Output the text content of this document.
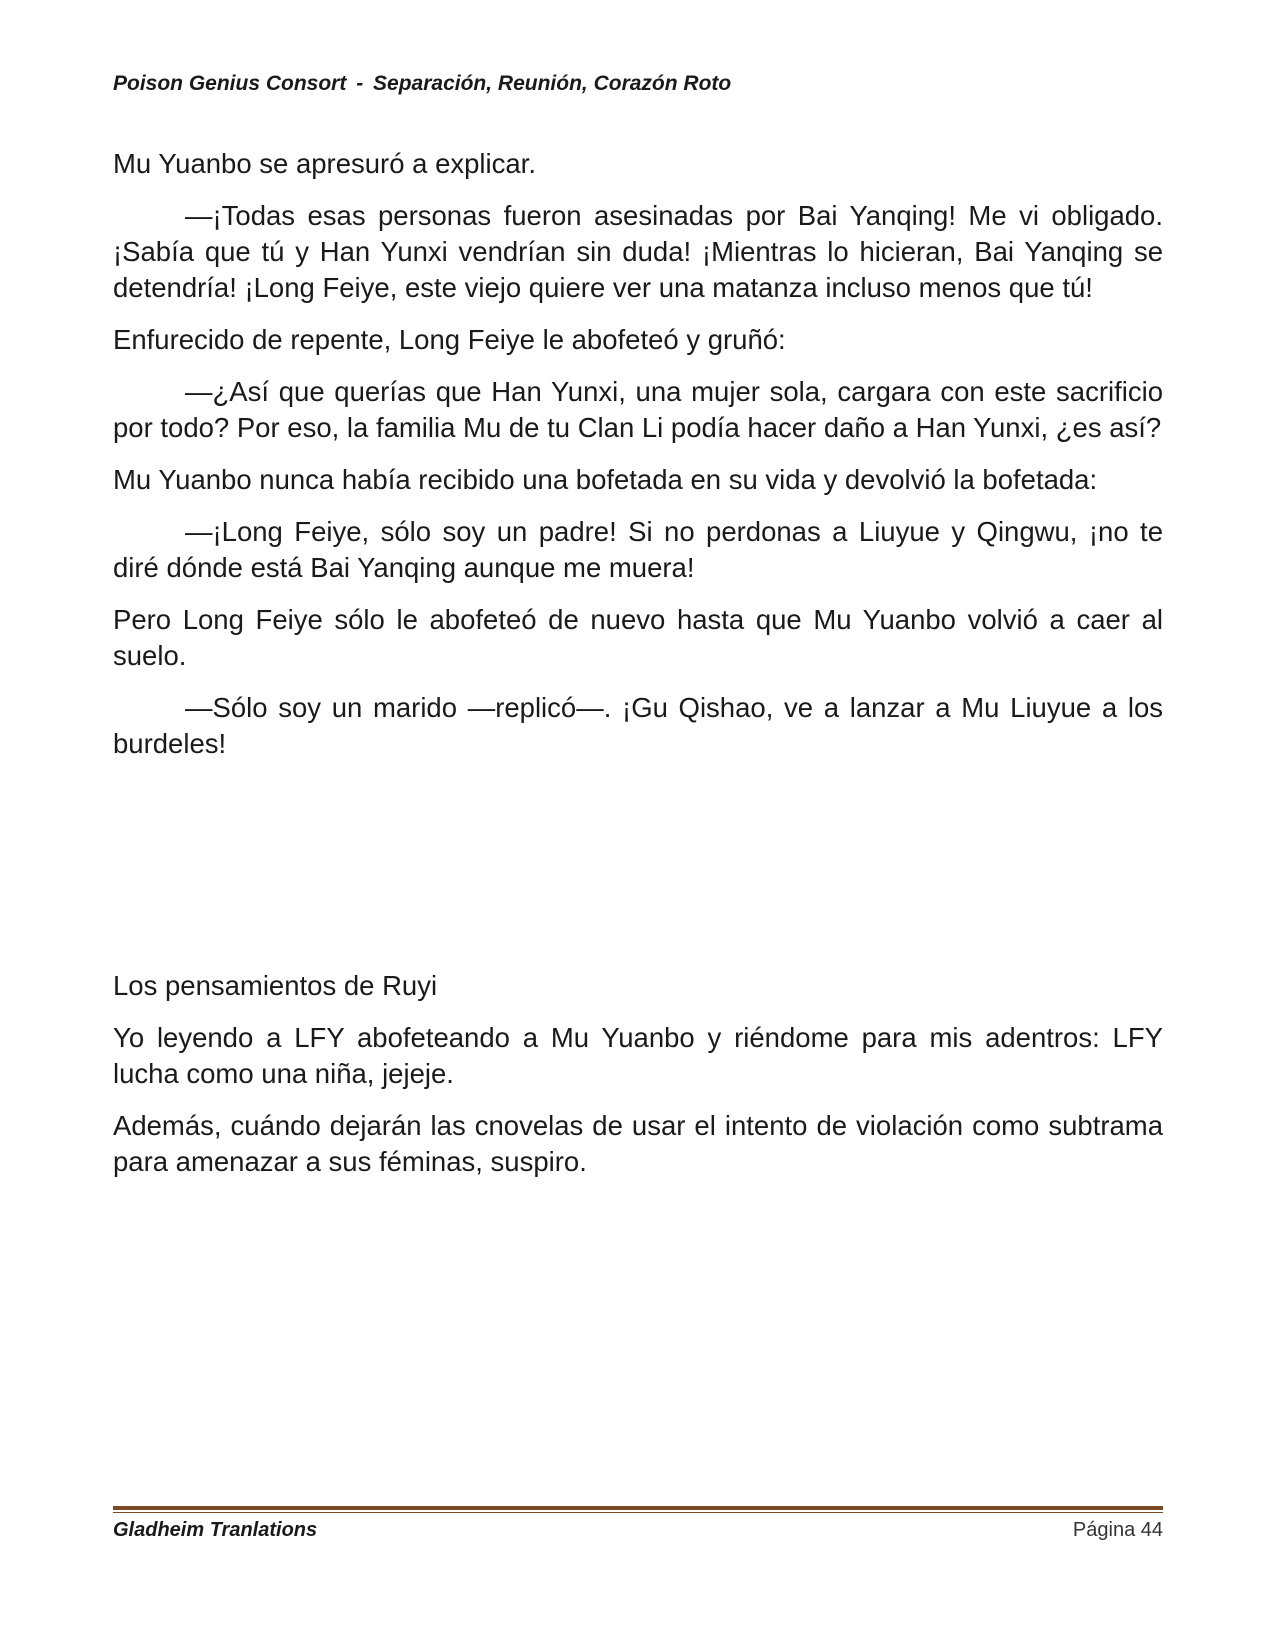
Poison Genius Consort - Separación, Reunión, Corazón Roto

Mu Yuanbo se apresuró a explicar.

—¡Todas esas personas fueron asesinadas por Bai Yanqing! Me vi obligado. ¡Sabía que tú y Han Yunxi vendrían sin duda! ¡Mientras lo hicieran, Bai Yanqing se detendría! ¡Long Feiye, este viejo quiere ver una matanza incluso menos que tú!

Enfurecido de repente, Long Feiye le abofeteó y gruñó:

—¿Así que querías que Han Yunxi, una mujer sola, cargara con este sacrificio por todo? Por eso, la familia Mu de tu Clan Li podía hacer daño a Han Yunxi, ¿es así?

Mu Yuanbo nunca había recibido una bofetada en su vida y devolvió la bofetada:

—¡Long Feiye, sólo soy un padre! Si no perdonas a Liuyue y Qingwu, ¡no te diré dónde está Bai Yanqing aunque me muera!

Pero Long Feiye sólo le abofeteó de nuevo hasta que Mu Yuanbo volvió a caer al suelo.

—Sólo soy un marido —replicó—. ¡Gu Qishao, ve a lanzar a Mu Liuyue a los burdeles!

Los pensamientos de Ruyi

Yo leyendo a LFY abofeteando a Mu Yuanbo y riéndome para mis adentros: LFY lucha como una niña, jejeje.

Además, cuándo dejarán las cnovelas de usar el intento de violación como subtrama para amenazar a sus féminas, suspiro.

Gladheim Tranlations	Página 44
